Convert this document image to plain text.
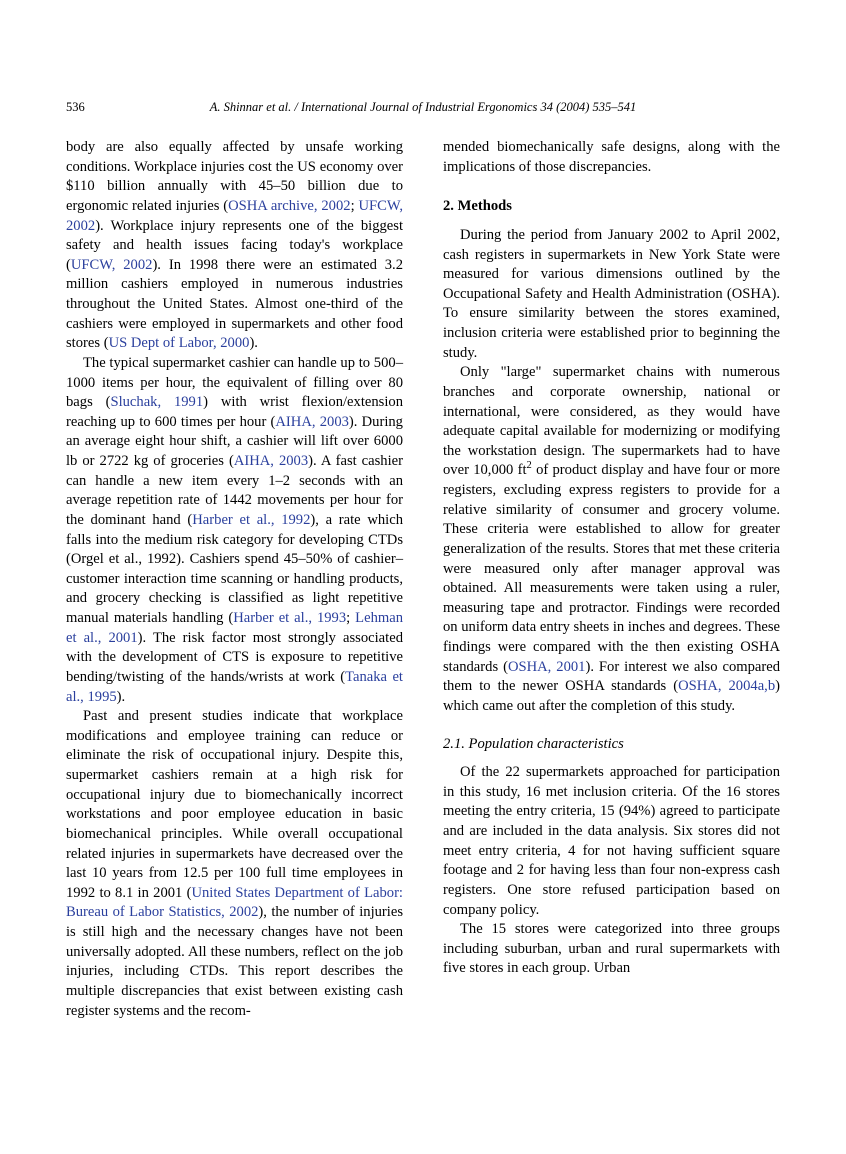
536	A. Shinnar et al. / International Journal of Industrial Ergonomics 34 (2004) 535–541

body are also equally affected by unsafe working conditions. Workplace injuries cost the US economy over $110 billion annually with 45–50 billion due to ergonomic related injuries (OSHA archive, 2002; UFCW, 2002). Workplace injury represents one of the biggest safety and health issues facing today's workplace (UFCW, 2002). In 1998 there were an estimated 3.2 million cashiers employed in numerous industries throughout the United States. Almost one-third of the cashiers were employed in supermarkets and other food stores (US Dept of Labor, 2000).

The typical supermarket cashier can handle up to 500–1000 items per hour, the equivalent of filling over 80 bags (Sluchak, 1991) with wrist flexion/extension reaching up to 600 times per hour (AIHA, 2003). During an average eight hour shift, a cashier will lift over 6000 lb or 2722 kg of groceries (AIHA, 2003). A fast cashier can handle a new item every 1–2 seconds with an average repetition rate of 1442 movements per hour for the dominant hand (Harber et al., 1992), a rate which falls into the medium risk category for developing CTDs (Orgel et al., 1992). Cashiers spend 45–50% of cashier–customer interaction time scanning or handling products, and grocery checking is classified as light repetitive manual materials handling (Harber et al., 1993; Lehman et al., 2001). The risk factor most strongly associated with the development of CTS is exposure to repetitive bending/twisting of the hands/wrists at work (Tanaka et al., 1995).

Past and present studies indicate that workplace modifications and employee training can reduce or eliminate the risk of occupational injury. Despite this, supermarket cashiers remain at a high risk for occupational injury due to biomechanically incorrect workstations and poor employee education in basic biomechanical principles. While overall occupational related injuries in supermarkets have decreased over the last 10 years from 12.5 per 100 full time employees in 1992 to 8.1 in 2001 (United States Department of Labor: Bureau of Labor Statistics, 2002), the number of injuries is still high and the necessary changes have not been universally adopted. All these numbers, reflect on the job injuries, including CTDs. This report describes the multiple discrepancies that exist between existing cash register systems and the recom-

mended biomechanically safe designs, along with the implications of those discrepancies.

2. Methods

During the period from January 2002 to April 2002, cash registers in supermarkets in New York State were measured for various dimensions outlined by the Occupational Safety and Health Administration (OSHA). To ensure similarity between the stores examined, inclusion criteria were established prior to beginning the study.

Only "large" supermarket chains with numerous branches and corporate ownership, national or international, were considered, as they would have adequate capital available for modernizing or modifying the workstation design. The supermarkets had to have over 10,000 $ft^2$ of product display and have four or more registers, excluding express registers to provide for a relative similarity of consumer and grocery volume. These criteria were established to allow for greater generalization of the results. Stores that met these criteria were measured only after manager approval was obtained. All measurements were taken using a ruler, measuring tape and protractor. Findings were recorded on uniform data entry sheets in inches and degrees. These findings were compared with the then existing OSHA standards (OSHA, 2001). For interest we also compared them to the newer OSHA standards (OSHA, 2004a,b) which came out after the completion of this study.

2.1. Population characteristics

Of the 22 supermarkets approached for participation in this study, 16 met inclusion criteria. Of the 16 stores meeting the entry criteria, 15 (94%) agreed to participate and are included in the data analysis. Six stores did not meet entry criteria, 4 for not having sufficient square footage and 2 for having less than four non-express cash registers. One store refused participation based on company policy.

The 15 stores were categorized into three groups including suburban, urban and rural supermarkets with five stores in each group. Urban
